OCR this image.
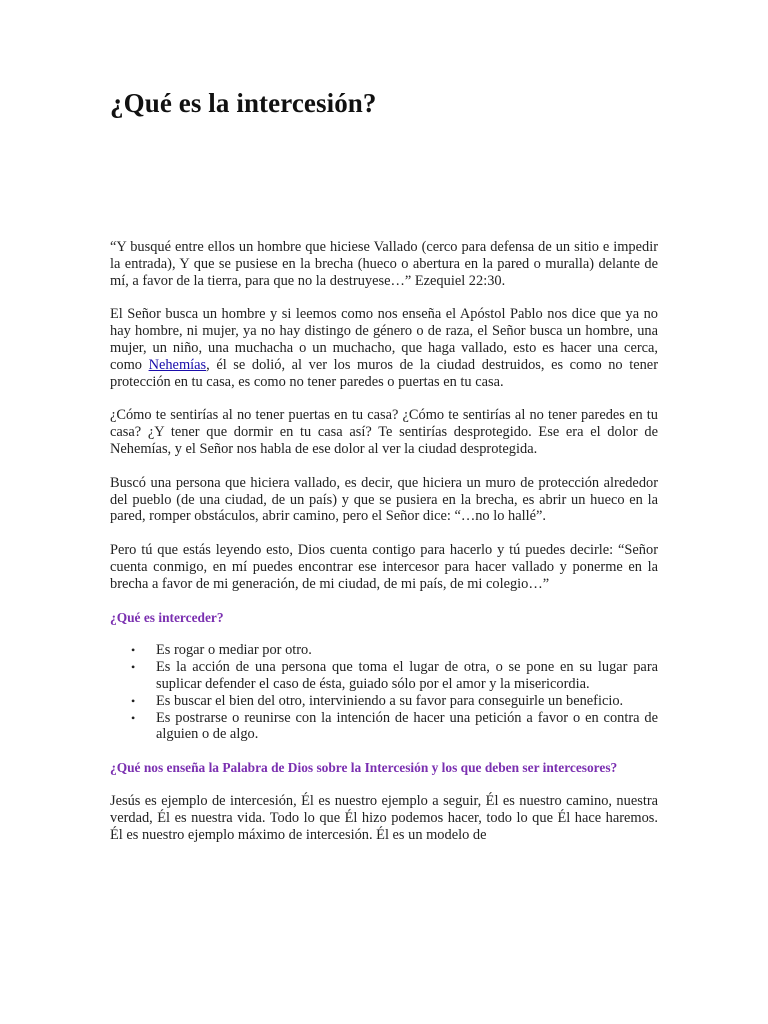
¿Qué es la intercesión?

“Y busqué entre ellos un hombre que hiciese Vallado (cerco para defensa de un sitio e impedir la entrada), Y que se pusiese en la brecha (hueco o abertura en la pared o muralla) delante de mí, a favor de la tierra, para que no la destruyese…” Ezequiel 22:30.

El Señor busca un hombre y si leemos como nos enseña el Apóstol Pablo nos dice que ya no hay hombre, ni mujer, ya no hay distingo de género o de raza, el Señor busca un hombre, una mujer, un niño, una muchacha o un muchacho, que haga vallado, esto es hacer una cerca, como Nehemías, él se dolió, al ver los muros de la ciudad destruidos, es como no tener protección en tu casa, es como no tener paredes o puertas en tu casa.

¿Cómo te sentirías al no tener puertas en tu casa? ¿Cómo te sentirías al no tener paredes en tu casa? ¿Y tener que dormir en tu casa así? Te sentirías desprotegido. Ese era el dolor de Nehemías, y el Señor nos habla de ese dolor al ver la ciudad desprotegida.

Buscó una persona que hiciera vallado, es decir, que hiciera un muro de protección alrededor del pueblo (de una ciudad, de un país) y que se pusiera en la brecha, es abrir un hueco en la pared, romper obstáculos, abrir camino, pero el Señor dice: “…no lo hallé”.

Pero tú que estás leyendo esto, Dios cuenta contigo para hacerlo y tú puedes decirle: “Señor cuenta conmigo, en mí puedes encontrar ese intercesor para hacer vallado y ponerme en la brecha a favor de mi generación, de mi ciudad, de mi país, de mi colegio…”

¿Qué es interceder?
• Es rogar o mediar por otro.
• Es la acción de una persona que toma el lugar de otra, o se pone en su lugar para suplicar defender el caso de ésta, guiado sólo por el amor y la misericordia.
• Es buscar el bien del otro, interviniendo a su favor para conseguirle un beneficio.
• Es postrarse o reunirse con la intención de hacer una petición a favor o en contra de alguien o de algo.
¿Qué nos enseña la Palabra de Dios sobre la Intercesión y los que deben ser intercesores?

Jesús es ejemplo de intercesión, Él es nuestro ejemplo a seguir, Él es nuestro camino, nuestra verdad, Él es nuestra vida. Todo lo que Él hizo podemos hacer, todo lo que Él hace haremos. Él es nuestro ejemplo máximo de intercesión. Él es un modelo de
